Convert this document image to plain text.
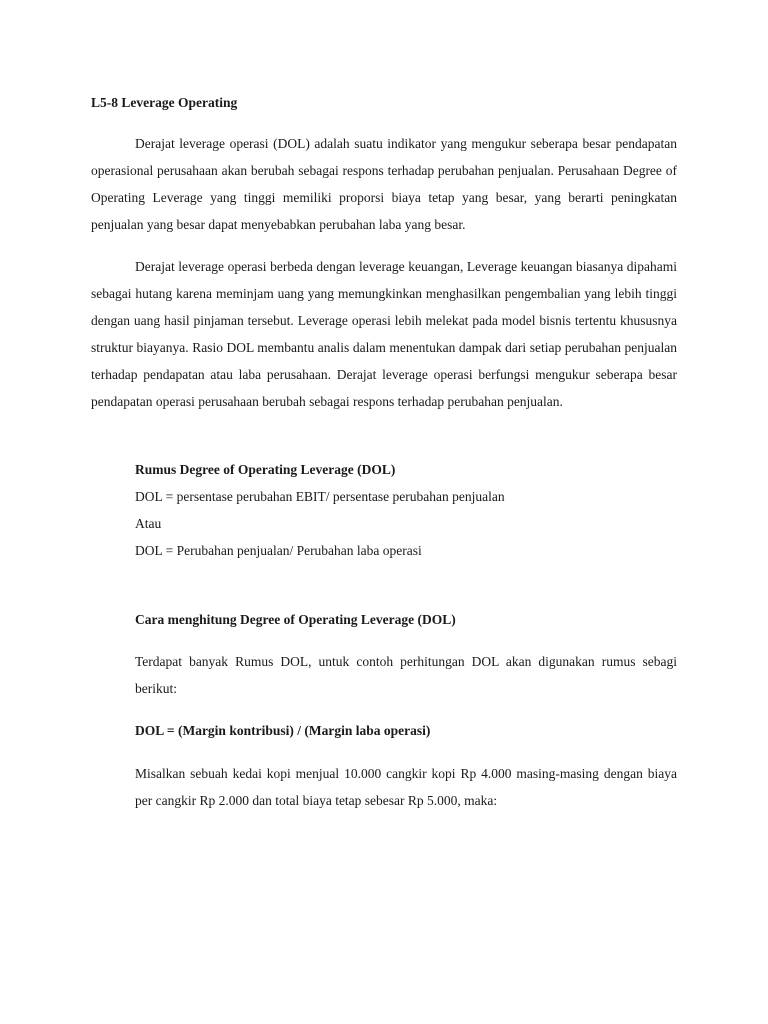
L5-8 Leverage Operating

Derajat leverage operasi (DOL) adalah suatu indikator yang mengukur seberapa besar pendapatan operasional perusahaan akan berubah sebagai respons terhadap perubahan penjualan. Perusahaan Degree of Operating Leverage yang tinggi memiliki proporsi biaya tetap yang besar, yang berarti peningkatan penjualan yang besar dapat menyebabkan perubahan laba yang besar.

Derajat leverage operasi berbeda dengan leverage keuangan, Leverage keuangan biasanya dipahami sebagai hutang karena meminjam uang yang memungkinkan menghasilkan pengembalian yang lebih tinggi dengan uang hasil pinjaman tersebut. Leverage operasi lebih melekat pada model bisnis tertentu khususnya struktur biayanya. Rasio DOL membantu analis dalam menentukan dampak dari setiap perubahan penjualan terhadap pendapatan atau laba perusahaan. Derajat leverage operasi berfungsi mengukur seberapa besar pendapatan operasi perusahaan berubah sebagai respons terhadap perubahan penjualan.

Rumus Degree of Operating Leverage (DOL)

DOL = persentase perubahan EBIT/ persentase perubahan penjualan

Atau

DOL = Perubahan penjualan/ Perubahan laba operasi

Cara menghitung Degree of Operating Leverage (DOL)

Terdapat banyak Rumus DOL, untuk contoh perhitungan DOL akan digunakan rumus sebagi berikut:

DOL = (Margin kontribusi) / (Margin laba operasi)

Misalkan sebuah kedai kopi menjual 10.000 cangkir kopi Rp 4.000 masing-masing dengan biaya per cangkir Rp 2.000 dan total biaya tetap sebesar Rp 5.000, maka:
